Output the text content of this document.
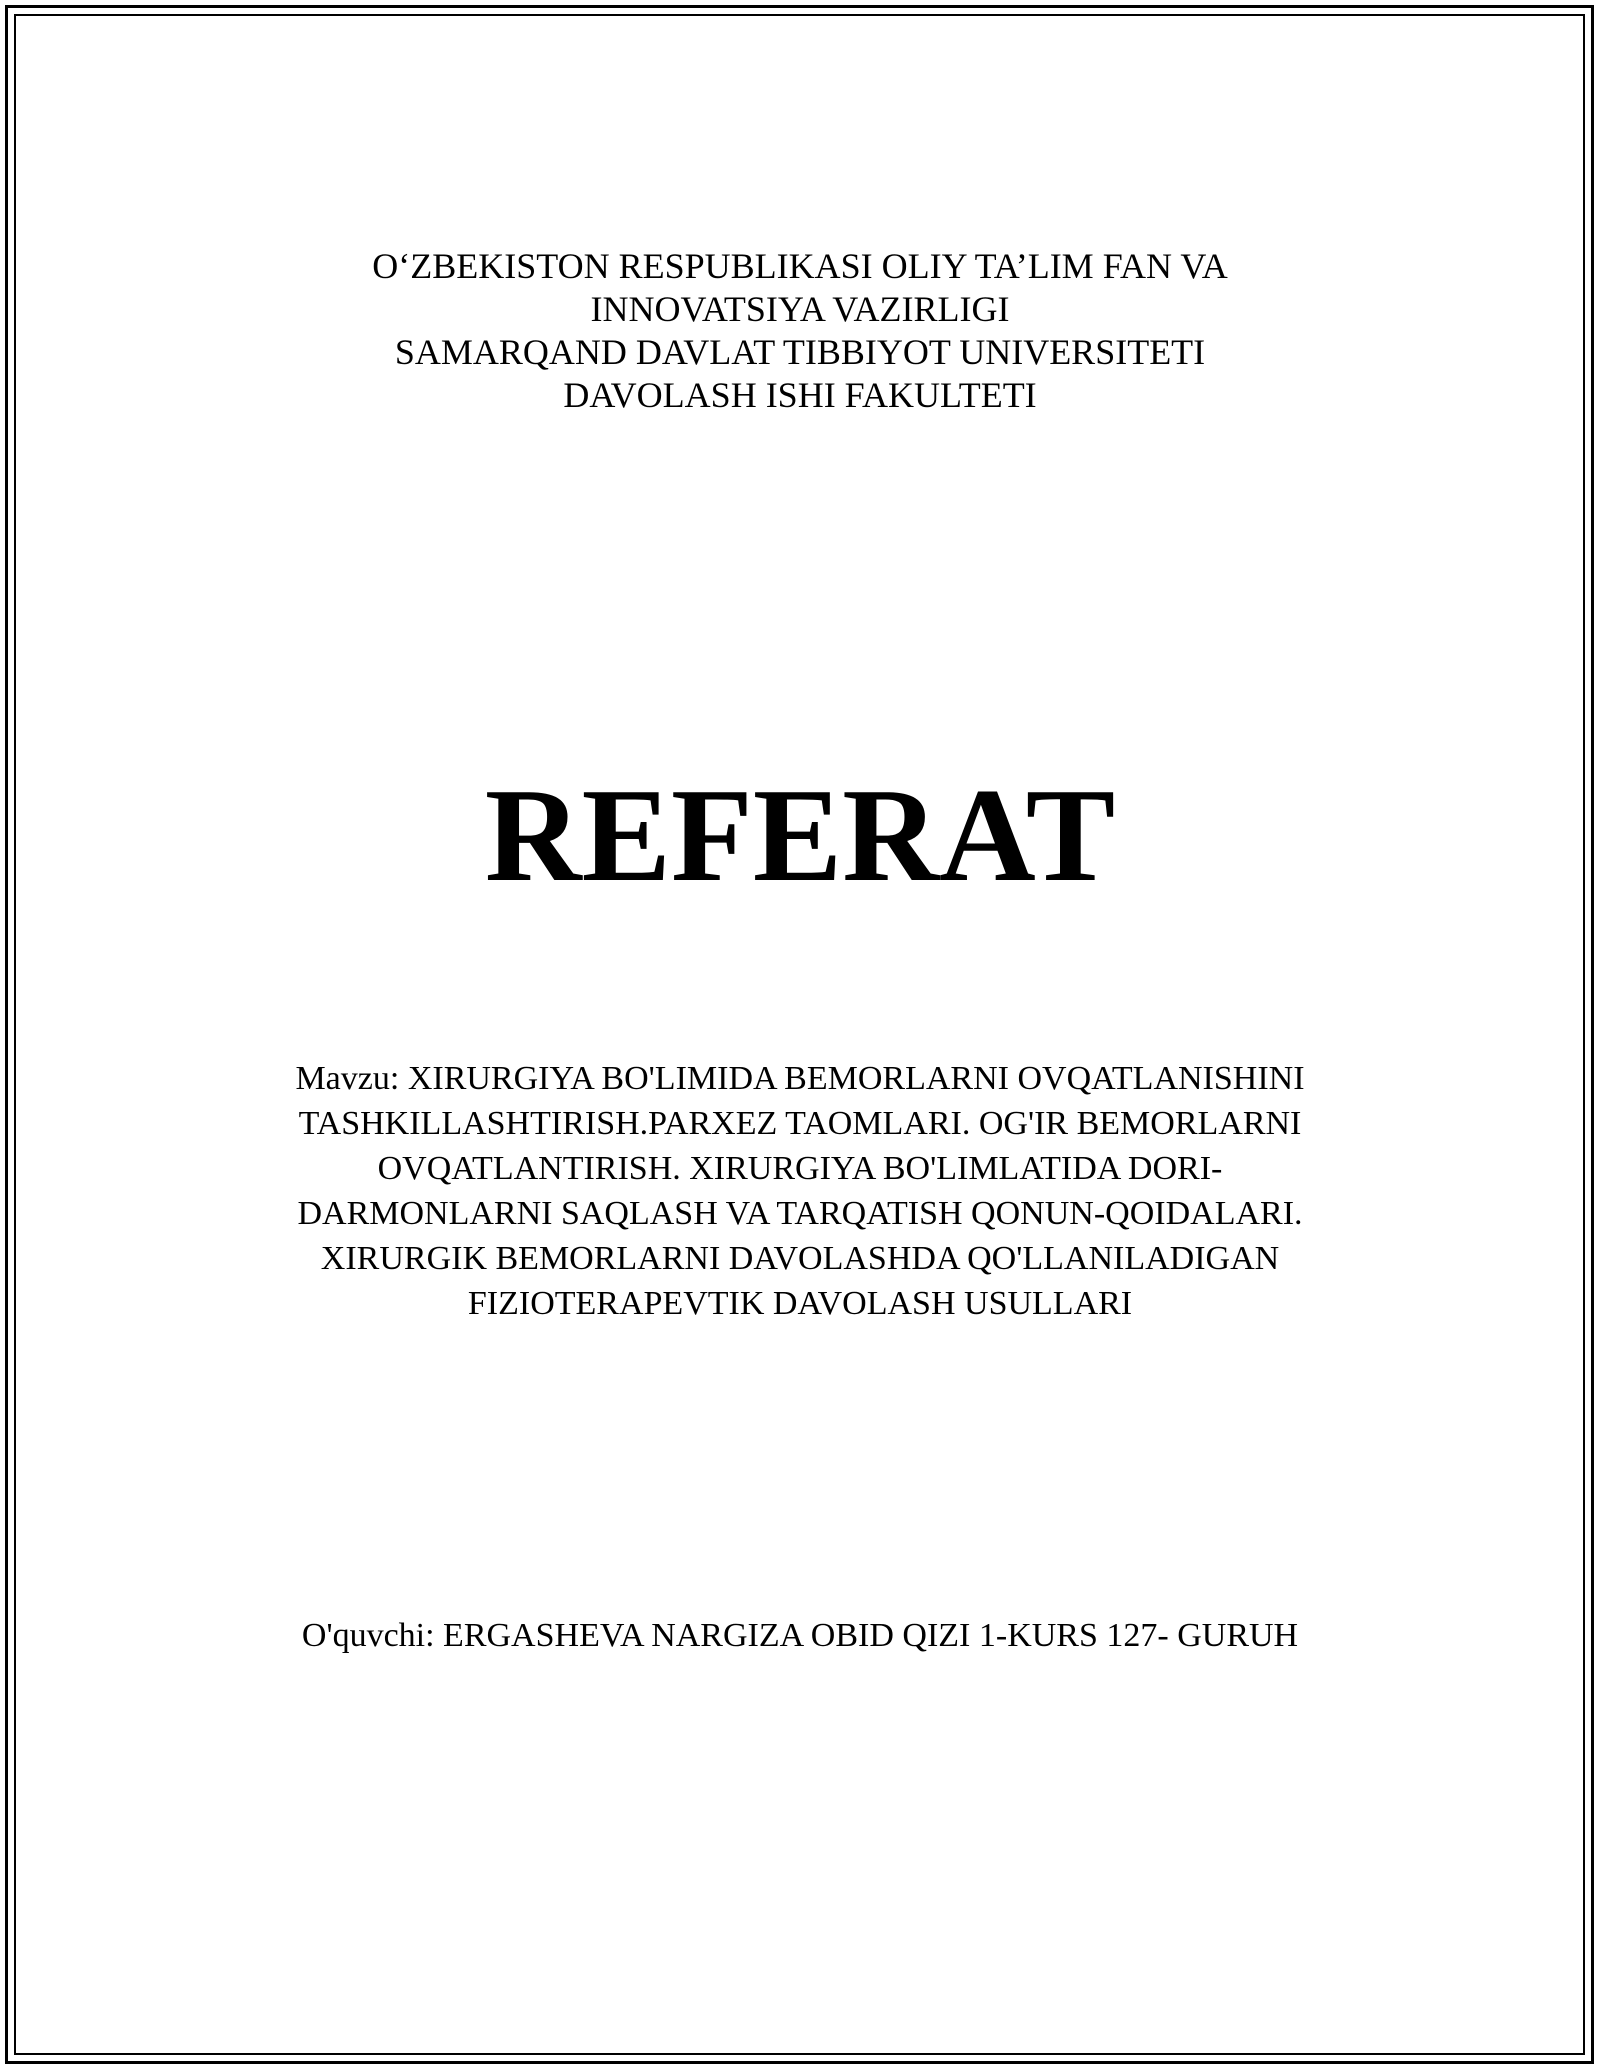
O‘ZBEKISTON RESPUBLIKASI OLIY TA’LIM FAN VA
INNOVATSIYA VAZIRLIGI
SAMARQAND DAVLAT TIBBIYOT UNIVERSITETI
DAVOLASH ISHI FAKULTETI
REFERAT
Mavzu: XIRURGIYA BO'LIMIDA BEMORLARNI OVQATLANISHINI
TASHKILLASHTIRISH.PARXEZ TAOMLARI. OG'IR BEMORLARNI
OVQATLANTIRISH. XIRURGIYA BO'LIMLATIDA DORI-
DARMONLARNI SAQLASH VA TARQATISH QONUN-QOIDALARI.
XIRURGIK BEMORLARNI DAVOLASHDA QO'LLANILADIGAN
FIZIOTERAPEVTIK DAVOLASH USULLARI
O'quvchi: ERGASHEVA NARGIZA OBID QIZI 1-KURS 127- GURUH
